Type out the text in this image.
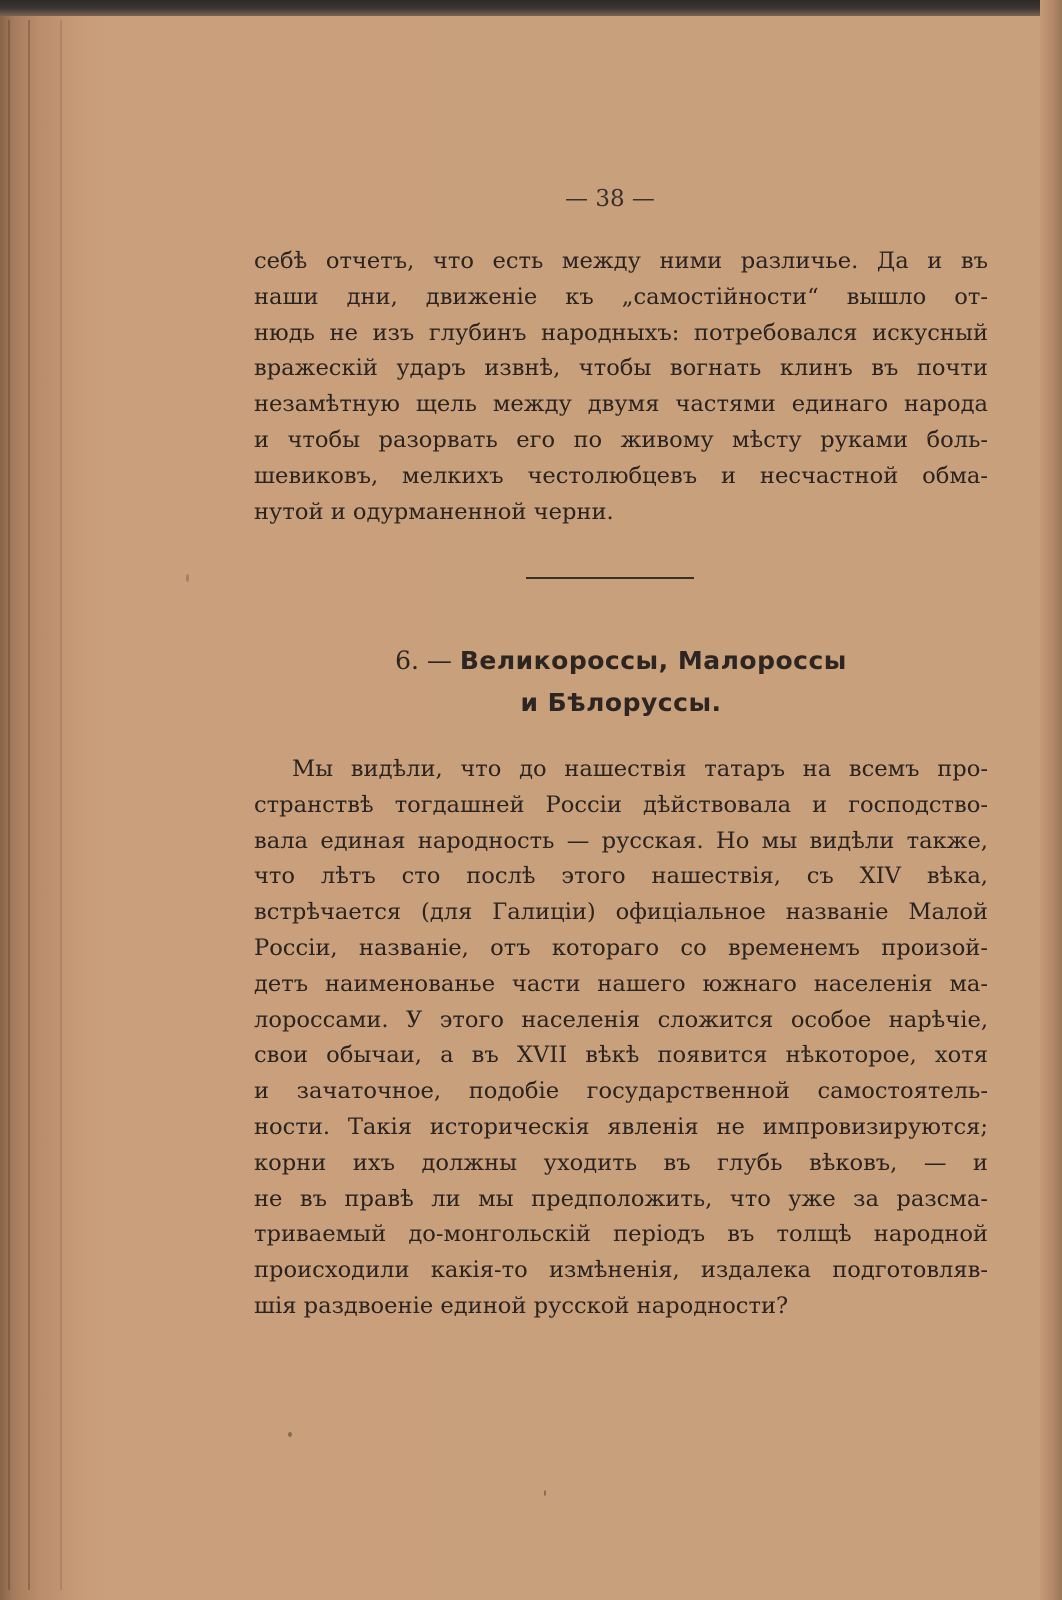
— 38 —
себѣ отчетъ, что есть между ними различье. Да и въ
наши дни, движеніе къ „самостійности“ вышло от-
нюдь не изъ глубинъ народныхъ: потребовался искусный
вражескій ударъ извнѣ, чтобы вогнать клинъ въ почти
незамѣтную щель между двумя частями единаго народа
и чтобы разорвать его по живому мѣсту руками боль-
шевиковъ, мелкихъ честолюбцевъ и несчастной обма-
нутой и одурманенной черни.
6. — Великороссы, Малороссы
и Бѣлоруссы.
Мы видѣли, что до нашествія татаръ на всемъ про-
странствѣ тогдашней Россіи дѣйствовала и господство-
вала единая народность — русская. Но мы видѣли также,
что лѣтъ сто послѣ этого нашествія, съ XIV вѣка,
встрѣчается (для Галиціи) офиціальное названіе Малой
Россіи, названіе, отъ котораго со временемъ произой-
детъ наименованье части нашего южнаго населенія ма-
лороссами. У этого населенія сложится особое нарѣчіе,
свои обычаи, а въ XVII вѣкѣ появится нѣкоторое, хотя
и зачаточное, подобіе государственной самостоятель-
ности. Такія историческія явленія не импровизируются;
корни ихъ должны уходить въ глубь вѣковъ, — и
не въ правѣ ли мы предположить, что уже за разсма-
триваемый до-монгольскій періодъ въ толщѣ народной
происходили какія-то измѣненія, издалека подготовляв-
шія раздвоеніе единой русской народности?
